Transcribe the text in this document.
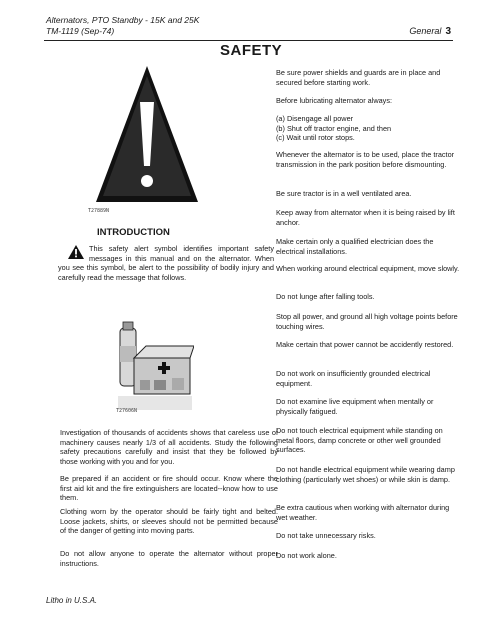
Alternators, PTO Standby - 15K and 25K
TM-1119 (Sep-74)	General 3
SAFETY
T27889N
INTRODUCTION
This safety alert symbol identifies important safety messages in this manual and on the alternator. When you see this symbol, be alert to the possibility of bodily injury and carefully read the message that follows.
T27606N

Investigation of thousands of accidents shows that careless use of machinery causes nearly 1/3 of all accidents. Study the following safety precautions carefully and insist that they be followed by those working with you and for you.

Be prepared if an accident or fire should occur. Know where the first aid kit and the fire extinguishers are located--know how to use them.

Clothing worn by the operator should be fairly tight and belted. Loose jackets, shirts, or sleeves should not be permitted because of the danger of getting into moving parts.

Do not allow anyone to operate the alternator without proper instructions.

Be sure power shields and guards are in place and secured before starting work.

Before lubricating alternator always:

(a) Disengage all power
(b) Shut off tractor engine, and then
(c) Wait until rotor stops.

Whenever the alternator is to be used, place the tractor transmission in the park position before dismounting.

Be sure tractor is in a well ventilated area.

Keep away from alternator when it is being raised by lift anchor.

Make certain only a qualified electrician does the electrical installations.

When working around electrical equipment, move slowly.

Do not lunge after falling tools.

Stop all power, and ground all high voltage points before touching wires.

Make certain that power cannot be accidently restored.

Do not work on insufficiently grounded electrical equipment.

Do not examine live equipment when mentally or physically fatigued.

Do not touch electrical equipment while standing on metal floors, damp concrete or other well grounded surfaces.

Do not handle electrical equipment while wearing damp clothing (particularly wet shoes) or while skin is damp.

Be extra cautious when working with alternator during wet weather.

Do not take unnecessary risks.

Do not work alone.

Litho in U.S.A.
